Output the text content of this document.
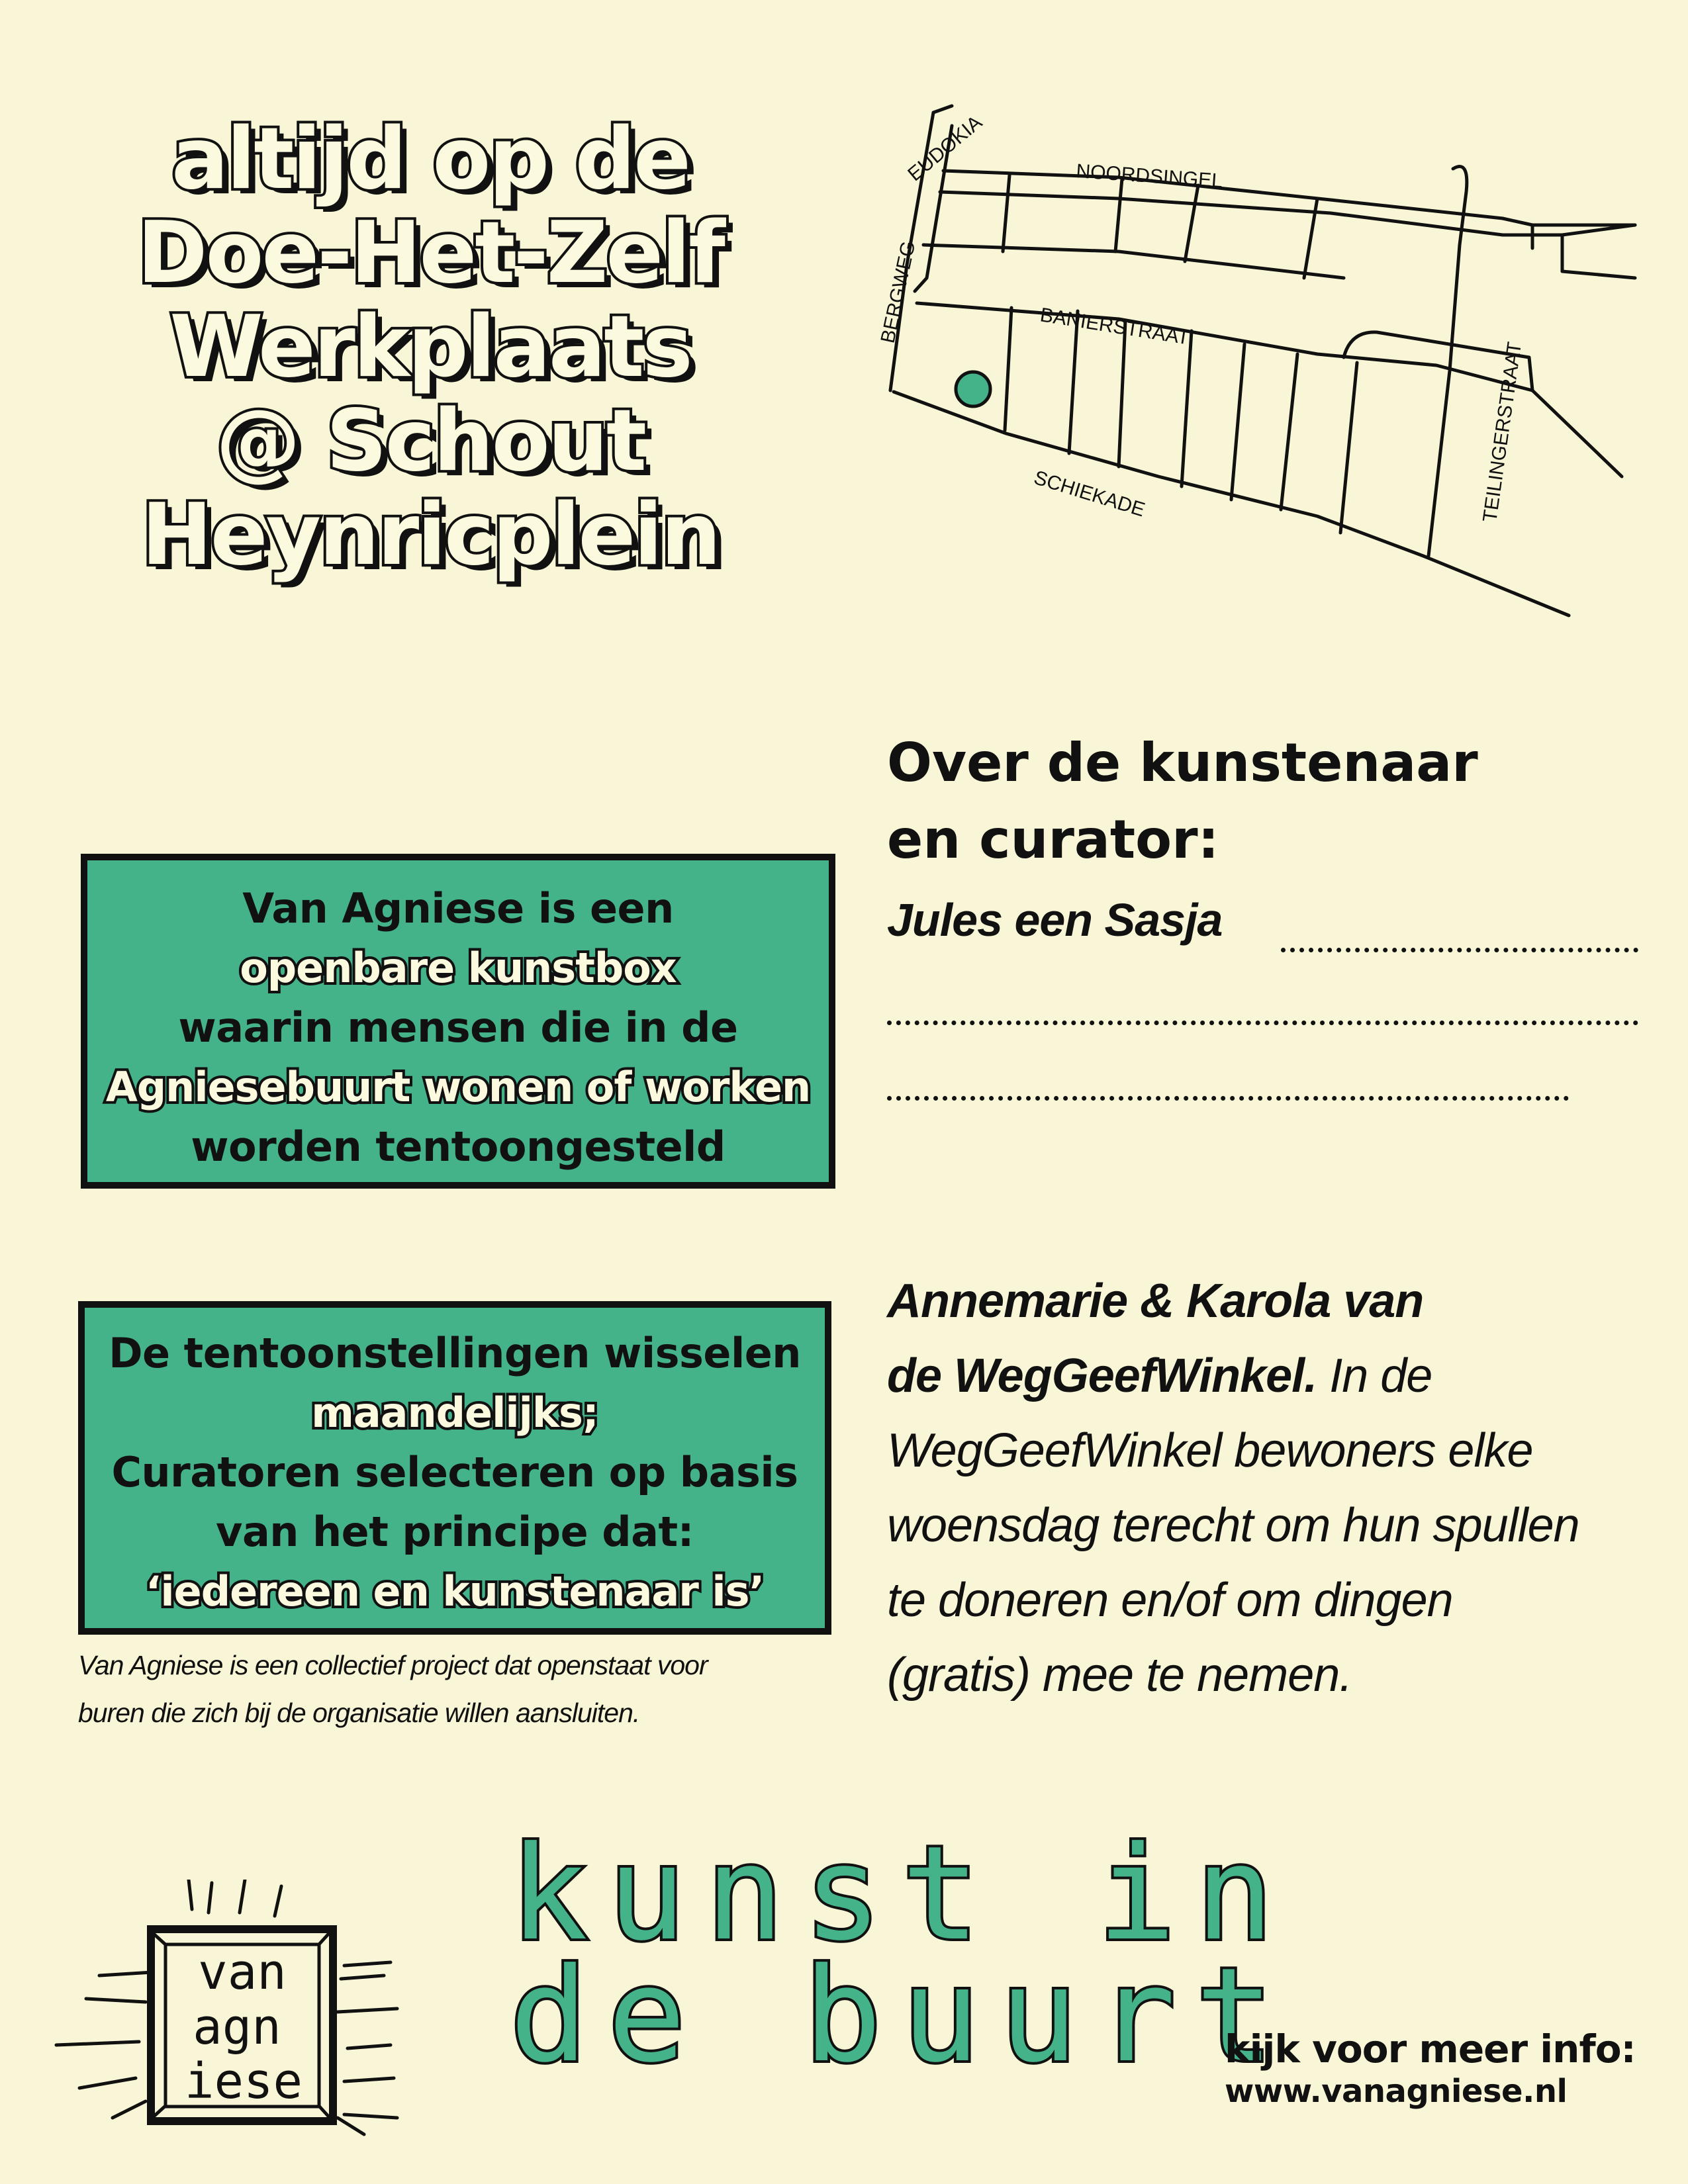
altijd op de
Doe-Het-Zelf
Werkplaats
@ Schout
Heynricplein
EUDOKIA	NOORDSINGEL
BERGWEG	BANIERSTRAAT
SCHIEKADE	TEILINGERSTRAAT
Van Agniese is een
openbare kunstbox
waarin mensen die in de
Agniesebuurt wonen of worken
worden tentoongesteld
De tentoonstellingen wisselen
maandelijks;
Curatoren selecteren op basis
van het principe dat:
‘iedereen en kunstenaar is’
Van Agniese is een collectief project dat openstaat voor
buren die zich bij de organisatie willen aansluiten.
Over de kunstenaar
en curator:
Jules een Sasja
Annemarie & Karola van
de WegGeefWinkel. In de
WegGeefWinkel bewoners elke
woensdag terecht om hun spullen
te doneren en/of om dingen
(gratis) mee te nemen.
van
agn
iese
kunst in
de buurt
kijk voor meer info:
www.vanagniese.nl
